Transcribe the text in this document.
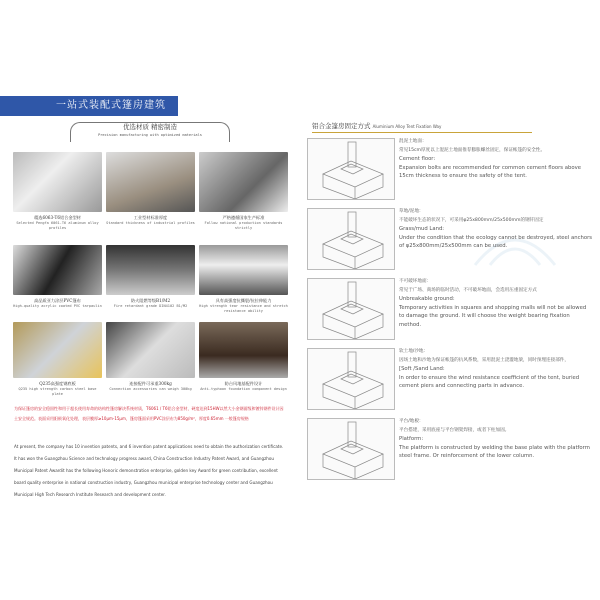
一站式装配式篷房建筑
优选材质 精密制造
Precision manufacturing with optimized materials
精选6063-T6铝合金型材
Selected Pengfa 6061-T6 aluminum alloy profiles
工业型材标准厚度
Standard thickness of industrial profiles
严格遵循国家生产标准
Follow national production standards strictly
高品质亚力涂层PVC篷布
High-quality acrylic coated PVC tarpaulin
防火阻燃等级B1/M2
Fire retardant grade DIN4102 B1/M2
具有高强度抗撕裂/抗拉伸能力
High strength tear resistance and stretch resistance ability
Q235高强度钢底板
Q235 high strength carbon steel base plate
连接配件可承重300kg
Connection accessories can weigh 300kg
防台风地基配件设计
Anti-typhoon foundation component design
为保证篷房的安全稳固性和用于超长使用寿命的结构性篷房解决系统材质，T6061 / T6铝合金型材，硬度达到15HW以然大小金钢面级和镀锌钢件设计因土安全规范。表面采用阳极氧化处理，表层膜厚≥10μm-15μm，篷房篷面采用PVC涂层布为850g/m²，厚度0.65mm 一般篷房规格
At present, the company has 10 invention patents, and 6 invention patent applications need to obtain the authorization certificate. It has won the Guangzhou Science and technology progress award, China Construction Industry Patent Award, and Guangzhou Municipal Patent Awardit has the following Honoric demonstration enterprise, golden key Award for green contribution, excellent board quality enterprise in national construction industry, Guangzhou municipal enterprise technology center and Guangzhou Municipal High Tech Research Institute Research and development center.
铝合金篷房固定方式 Aluminium Alloy Tent Fixation Way
混泥土地面：
常见15cm厚度以上混泥土地面推荐膨胀螺丝固定，保证帐篷的安全性。
Cement floor:
Expansion bolts are recommended for common cement floors above 15cm thickness to ensure the safety of the tent.
草地/泥地：
不能破坏生态的状况下，可采用φ25x800mm/25x500mm的钢钎固定
Grass/mud Land:
Under the condition that the ecology cannot be destroyed, steel anchors of φ25x800mm/25x500mm can be used.
不可破坏地面：
常见于广场、商场的临时活动，不可破坏地面，会选用压重固定方式
Unbreakable ground:
Temporary activities in squares and shopping malls will not be allowed to damage the ground. It will choose the weight bearing fixation method.
软土地/沙地：
因场土地和沙地为保证帐篷的抗风系数，采用混泥土浇灌地梁，同时预埋连接部件，
[Soft /Sand Land:
In order to ensure the wind resistance coefficient of the tent, buried cement piers and connecting parts in advance.
平台/地板：
平台搭建，采用底座与平台钢架焊接，或者下柱加固。
Platform:
The platform is constructed by welding the base plate with the platform steel frame. Or reinforcement of the lower column.
